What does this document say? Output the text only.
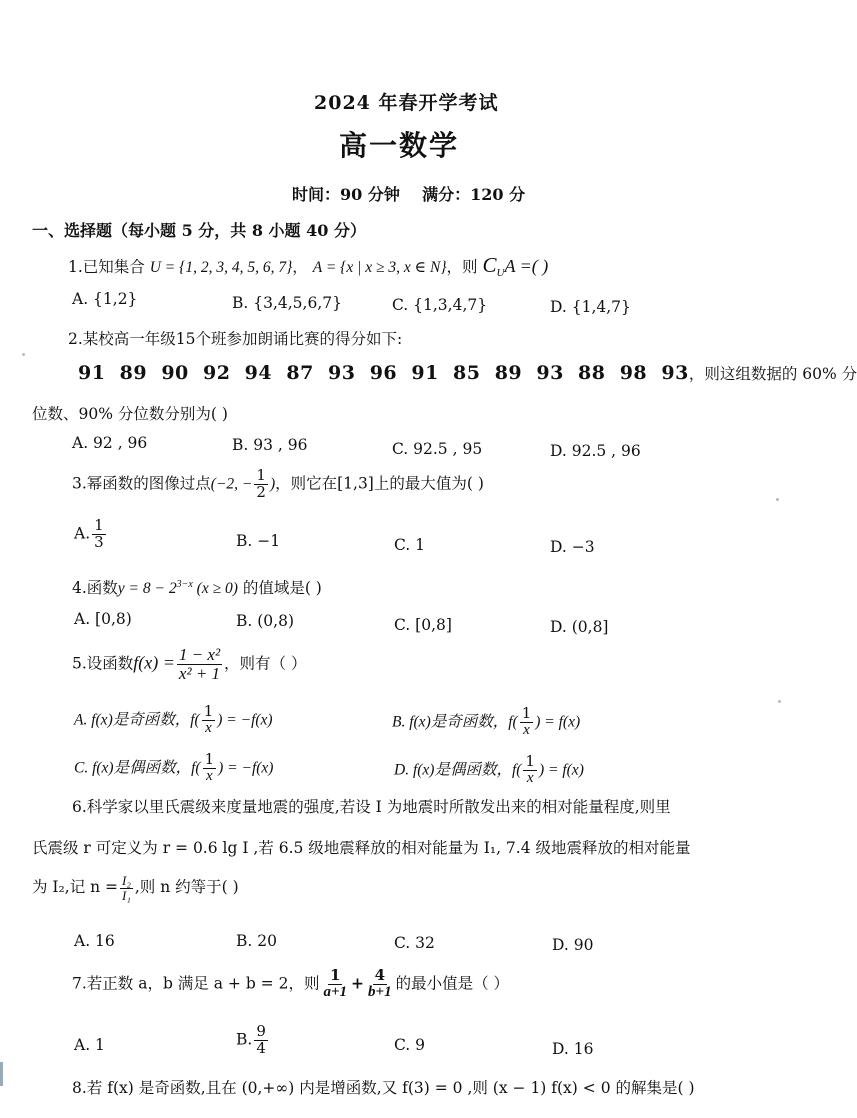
2024 年春开学考试
高一数学
时间：90 分钟    满分：120 分
一、选择题（每小题 5 分，共 8 小题 40 分）
1.已知集合 U = {1, 2, 3, 4, 5, 6, 7}， A = {x | x ≥ 3, x ∈ N}，则 $C_UA$ =( )
A. {1,2}	B. {3,4,5,6,7}	C. {1,3,4,7}	D. {1,4,7}
2.某校高一年级15个班参加朗诵比赛的得分如下:
91  89  90  92  94  87  93  96  91  85  89  93  88  98  93，则这组数据的 60% 分
位数、90% 分位数分别为( )
A. 92 , 96	B. 93 , 96	C. 92.5 , 95	D. 92.5 , 96
3.幂函数的图像过点(−2, − $\frac{1}{2}$ )，则它在[1,3]上的最大值为( )
A. $\frac{1}{3}$	B. −1	C. 1	D. −3
4.函数$y = 8 - 2^{3-x}$ (x ≥ 0) 的值域是( )
A. [0,8)	B. (0,8)	C. [0,8]	D. (0,8]
5.设函数$f(x) = \frac{\text{1 − x²}}{\text{x² + 1}}$ ，则有（ ）
A. f(x)是奇函数，$f( \frac{1}{x}$ ) = −f(x)	B. f(x)是奇函数，$f( \frac{1}{x}$ ) = f(x)
C. f(x)是偶函数，$f( \frac{1}{x}$ ) = −f(x)	D. f(x)是偶函数，$f( \frac{1}{x}$ ) = f(x)
6.科学家以里氏震级来度量地震的强度,若设 I 为地震时所散发出来的相对能量程度,则里
氏震级 r 可定义为 r = 0.6 lg I ,若 6.5 级地震释放的相对能量为 I₁, 7.4 级地震释放的相对能量
为 I₂,记 $n = \frac{\text{I₂}}{\text{I₁}}$ ,则 n 约等于( )
A. 16	B. 20	C. 32	D. 90
7.若正数 a，b 满足 a + b = 2，则 $\frac{1}{a+1} + \frac{4}{b+1}$ 的最小值是（ ）
A. 1	B. $\frac{9}{4}$	C. 9	D. 16
8.若 f(x) 是奇函数,且在 (0,+∞) 内是增函数,又 f(3) = 0 ,则 (x − 1) f(x) < 0 的解集是( )
